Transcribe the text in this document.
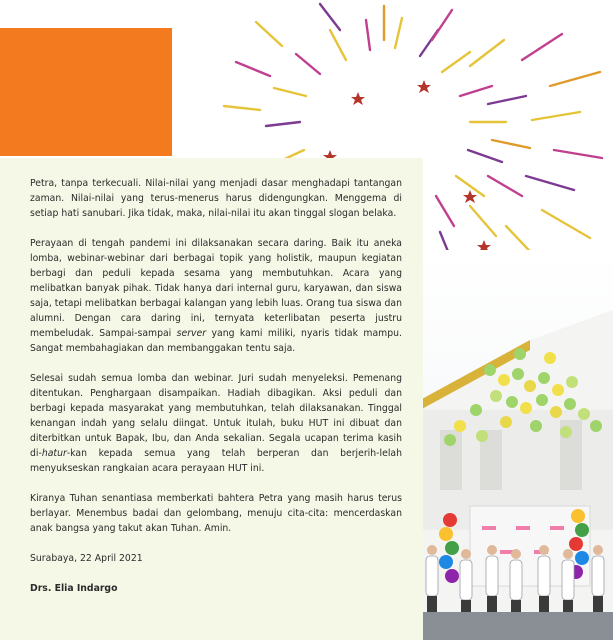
Petra, tanpa terkecuali. Nilai-nilai yang menjadi dasar menghadapi tantangan zaman. Nilai-nilai yang terus-menerus harus didengungkan. Menggema di setiap hati sanubari. Jika tidak, maka, nilai-nilai itu akan tinggal slogan belaka.

Perayaan di tengah pandemi ini dilaksanakan secara daring. Baik itu aneka lomba, webinar-webinar dari berbagai topik yang holistik, maupun kegiatan berbagi dan peduli kepada sesama yang membutuhkan. Acara yang melibatkan banyak pihak. Tidak hanya dari internal guru, karyawan, dan siswa saja, tetapi melibatkan berbagai kalangan yang lebih luas. Orang tua siswa dan alumni. Dengan cara daring ini, ternyata keterlibatan peserta justru membeludak. Sampai-sampai server yang kami miliki, nyaris tidak mampu. Sangat membahagiakan dan membanggakan tentu saja.

Selesai sudah semua lomba dan webinar. Juri sudah menyeleksi. Pemenang ditentukan. Penghargaan disampaikan. Hadiah dibagikan. Aksi peduli dan berbagi kepada masyarakat yang membutuhkan, telah dilaksanakan. Tinggal kenangan indah yang selalu diingat. Untuk itulah, buku HUT ini dibuat dan diterbitkan untuk Bapak, Ibu, dan Anda sekalian. Segala ucapan terima kasih di-hatur-kan kepada semua yang telah berperan dan berjerih-lelah menyukseskan rangkaian acara perayaan HUT ini.

Kiranya Tuhan senantiasa memberkati bahtera Petra yang masih harus terus berlayar. Menembus badai dan gelombang, menuju cita-cita: mencerdaskan anak bangsa yang takut akan Tuhan. Amin.

Surabaya, 22 April 2021

Drs. Elia Indargo
